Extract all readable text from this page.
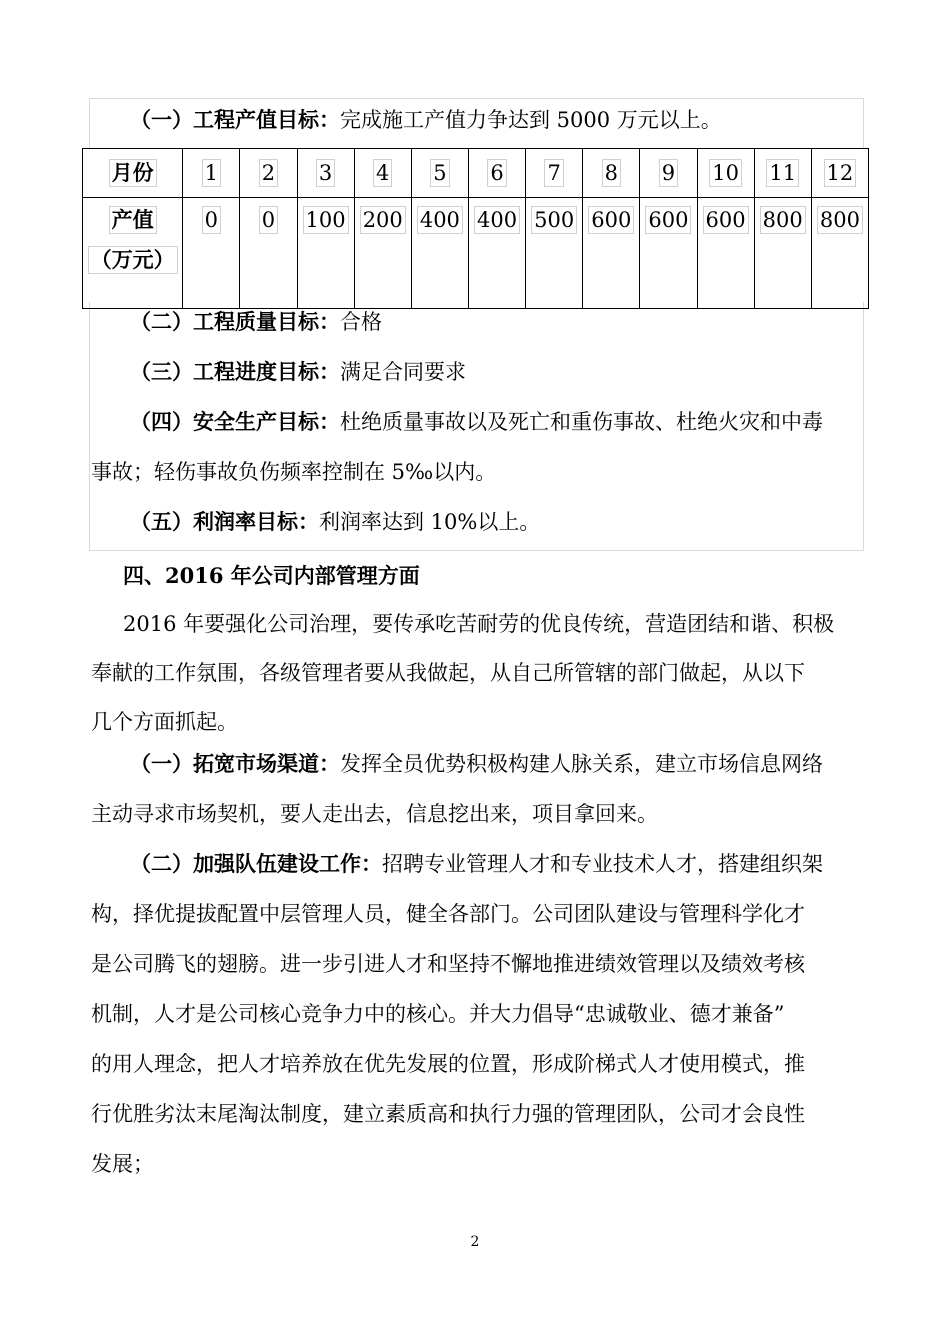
（一）工程产值目标：完成施工产值力争达到 5000 万元以上。
月份	1	2	3	4	5	6	7	8	9	10	11	12
产值
（万元）	0	0	100	200	400	400	500	600	600	600	800	800
（二）工程质量目标：合格
（三）工程进度目标：满足合同要求
（四）安全生产目标：杜绝质量事故以及死亡和重伤事故、杜绝火灾和中毒
事故；轻伤事故负伤频率控制在 5‰以内。
（五）利润率目标：利润率达到 10%以上。
四、2016 年公司内部管理方面
2016 年要强化公司治理，要传承吃苦耐劳的优良传统，营造团结和谐、积极
奉献的工作氛围，各级管理者要从我做起，从自己所管辖的部门做起，从以下
几个方面抓起。
（一）拓宽市场渠道：发挥全员优势积极构建人脉关系，建立市场信息网络
主动寻求市场契机，要人走出去，信息挖出来，项目拿回来。
（二）加强队伍建设工作：招聘专业管理人才和专业技术人才，搭建组织架
构，择优提拔配置中层管理人员，健全各部门。公司团队建设与管理科学化才
是公司腾飞的翅膀。进一步引进人才和坚持不懈地推进绩效管理以及绩效考核
机制，人才是公司核心竞争力中的核心。并大力倡导“忠诚敬业、德才兼备”
的用人理念，把人才培养放在优先发展的位置，形成阶梯式人才使用模式，推
行优胜劣汰末尾淘汰制度，建立素质高和执行力强的管理团队，公司才会良性
发展；
2
